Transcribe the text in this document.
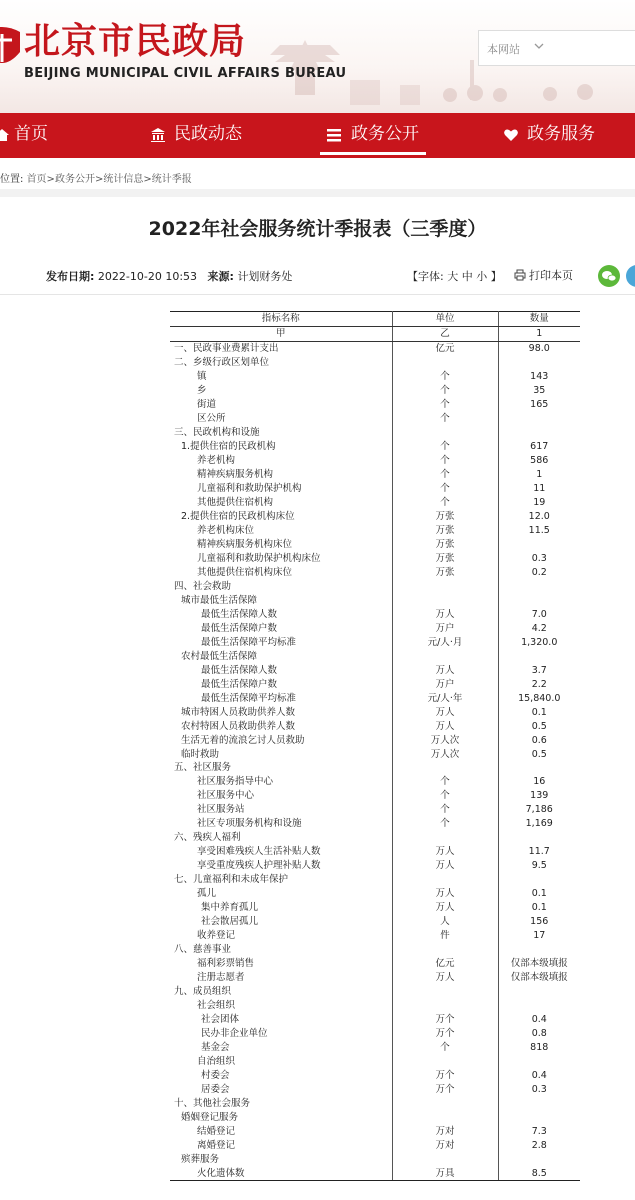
北京市民政局
BEIJING MUNICIPAL CIVIL AFFAIRS BUREAU
本网站
首页	民政动态	政务公开	政务服务
位置: 首页>政务公开>统计信息>统计季报
2022年社会服务统计季报表（三季度）
发布日期: 2022-10-20 10:53 来源: 计划财务处	【字体: 大 中 小 】	打印本页
指标名称	单位	数量
甲	乙	1
一、民政事业费累计支出	亿元	98.0
二、乡级行政区划单位		
镇	个	143
乡	个	35
街道	个	165
区公所	个	
三、民政机构和设施		
1.提供住宿的民政机构	个	617
养老机构	个	586
精神疾病服务机构	个	1
儿童福利和救助保护机构	个	11
其他提供住宿机构	个	19
2.提供住宿的民政机构床位	万张	12.0
养老机构床位	万张	11.5
精神疾病服务机构床位	万张	
儿童福利和救助保护机构床位	万张	0.3
其他提供住宿机构床位	万张	0.2
四、社会救助		
城市最低生活保障		
最低生活保障人数	万人	7.0
最低生活保障户数	万户	4.2
最低生活保障平均标准	元/人·月	1,320.0
农村最低生活保障		
最低生活保障人数	万人	3.7
最低生活保障户数	万户	2.2
最低生活保障平均标准	元/人·年	15,840.0
城市特困人员救助供养人数	万人	0.1
农村特困人员救助供养人数	万人	0.5
生活无着的流浪乞讨人员救助	万人次	0.6
临时救助	万人次	0.5
五、社区服务		
社区服务指导中心	个	16
社区服务中心	个	139
社区服务站	个	7,186
社区专项服务机构和设施	个	1,169
六、残疾人福利		
享受困难残疾人生活补贴人数	万人	11.7
享受重度残疾人护理补贴人数	万人	9.5
七、儿童福利和未成年保护		
孤儿	万人	0.1
集中养育孤儿	万人	0.1
社会散居孤儿	人	156
收养登记	件	17
八、慈善事业		
福利彩票销售	亿元	仅部本级填报
注册志愿者	万人	仅部本级填报
九、成员组织		
社会组织		
社会团体	万个	0.4
民办非企业单位	万个	0.8
基金会	个	818
自治组织		
村委会	万个	0.4
居委会	万个	0.3
十、其他社会服务		
婚姻登记服务		
结婚登记	万对	7.3
离婚登记	万对	2.8
殡葬服务		
火化遗体数	万具	8.5
